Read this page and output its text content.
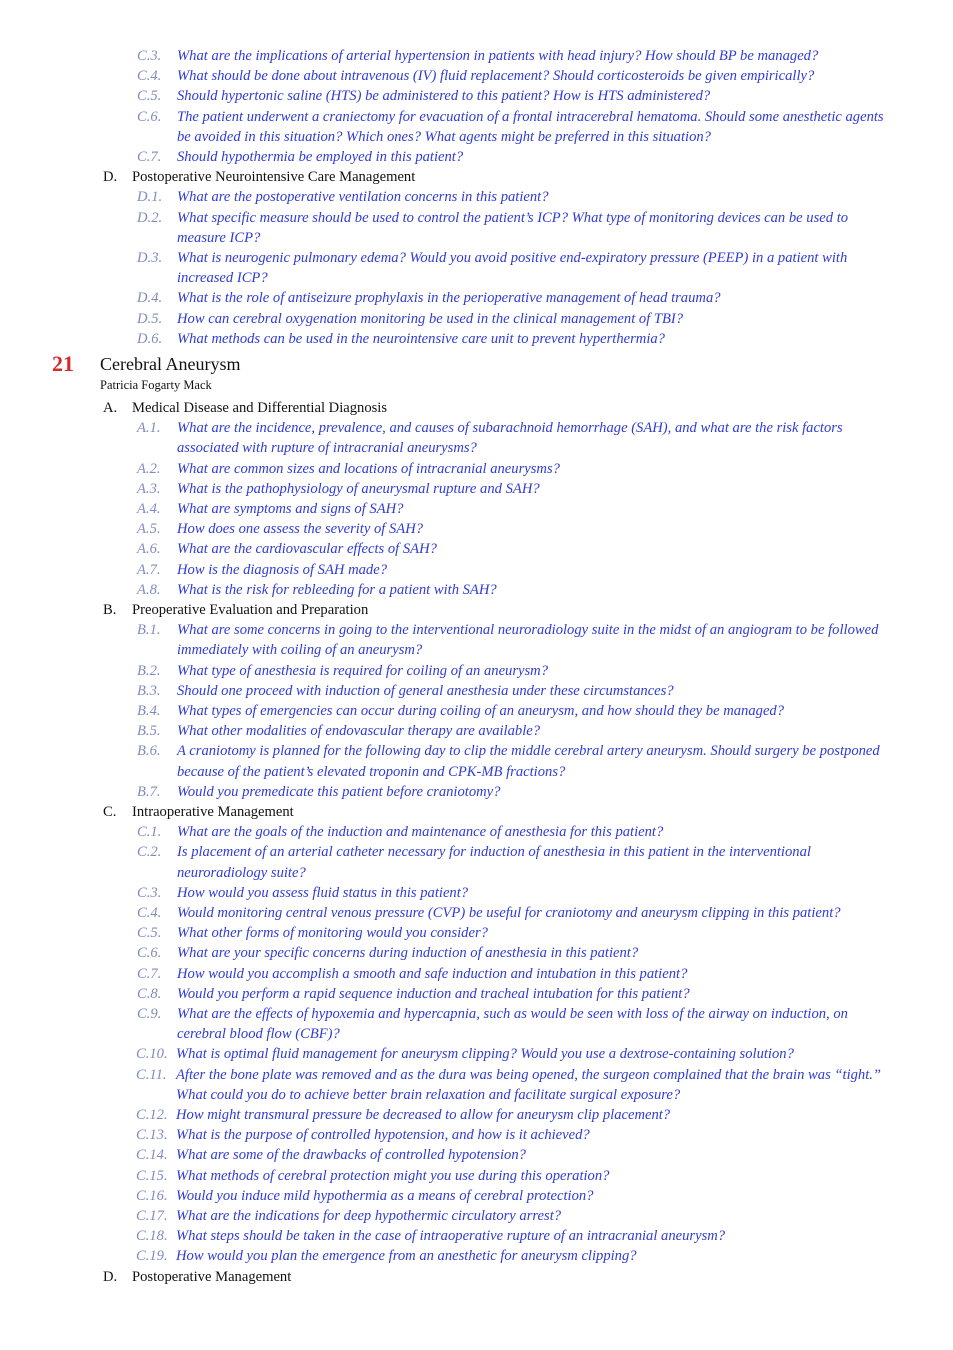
C.3. What are the implications of arterial hypertension in patients with head injury? How should BP be managed?
C.4. What should be done about intravenous (IV) fluid replacement? Should corticosteroids be given empirically?
C.5. Should hypertonic saline (HTS) be administered to this patient? How is HTS administered?
C.6. The patient underwent a craniectomy for evacuation of a frontal intracerebral hematoma. Should some anesthetic agents be avoided in this situation? Which ones? What agents might be preferred in this situation?
C.7. Should hypothermia be employed in this patient?
D. Postoperative Neurointensive Care Management
D.1. What are the postoperative ventilation concerns in this patient?
D.2. What specific measure should be used to control the patient’s ICP? What type of monitoring devices can be used to measure ICP?
D.3. What is neurogenic pulmonary edema? Would you avoid positive end-expiratory pressure (PEEP) in a patient with increased ICP?
D.4. What is the role of antiseizure prophylaxis in the perioperative management of head trauma?
D.5. How can cerebral oxygenation monitoring be used in the clinical management of TBI?
D.6. What methods can be used in the neurointensive care unit to prevent hyperthermia?
21 Cerebral Aneurysm
Patricia Fogarty Mack
A. Medical Disease and Differential Diagnosis
A.1. What are the incidence, prevalence, and causes of subarachnoid hemorrhage (SAH), and what are the risk factors associated with rupture of intracranial aneurysms?
A.2. What are common sizes and locations of intracranial aneurysms?
A.3. What is the pathophysiology of aneurysmal rupture and SAH?
A.4. What are symptoms and signs of SAH?
A.5. How does one assess the severity of SAH?
A.6. What are the cardiovascular effects of SAH?
A.7. How is the diagnosis of SAH made?
A.8. What is the risk for rebleeding for a patient with SAH?
B. Preoperative Evaluation and Preparation
B.1. What are some concerns in going to the interventional neuroradiology suite in the midst of an angiogram to be followed immediately with coiling of an aneurysm?
B.2. What type of anesthesia is required for coiling of an aneurysm?
B.3. Should one proceed with induction of general anesthesia under these circumstances?
B.4. What types of emergencies can occur during coiling of an aneurysm, and how should they be managed?
B.5. What other modalities of endovascular therapy are available?
B.6. A craniotomy is planned for the following day to clip the middle cerebral artery aneurysm. Should surgery be postponed because of the patient’s elevated troponin and CPK-MB fractions?
B.7. Would you premedicate this patient before craniotomy?
C. Intraoperative Management
C.1. What are the goals of the induction and maintenance of anesthesia for this patient?
C.2. Is placement of an arterial catheter necessary for induction of anesthesia in this patient in the interventional neuroradiology suite?
C.3. How would you assess fluid status in this patient?
C.4. Would monitoring central venous pressure (CVP) be useful for craniotomy and aneurysm clipping in this patient?
C.5. What other forms of monitoring would you consider?
C.6. What are your specific concerns during induction of anesthesia in this patient?
C.7. How would you accomplish a smooth and safe induction and intubation in this patient?
C.8. Would you perform a rapid sequence induction and tracheal intubation for this patient?
C.9. What are the effects of hypoxemia and hypercapnia, such as would be seen with loss of the airway on induction, on cerebral blood flow (CBF)?
C.10. What is optimal fluid management for aneurysm clipping? Would you use a dextrose-containing solution?
C.11. After the bone plate was removed and as the dura was being opened, the surgeon complained that the brain was “tight.” What could you do to achieve better brain relaxation and facilitate surgical exposure?
C.12. How might transmural pressure be decreased to allow for aneurysm clip placement?
C.13. What is the purpose of controlled hypotension, and how is it achieved?
C.14. What are some of the drawbacks of controlled hypotension?
C.15. What methods of cerebral protection might you use during this operation?
C.16. Would you induce mild hypothermia as a means of cerebral protection?
C.17. What are the indications for deep hypothermic circulatory arrest?
C.18. What steps should be taken in the case of intraoperative rupture of an intracranial aneurysm?
C.19. How would you plan the emergence from an anesthetic for aneurysm clipping?
D. Postoperative Management
